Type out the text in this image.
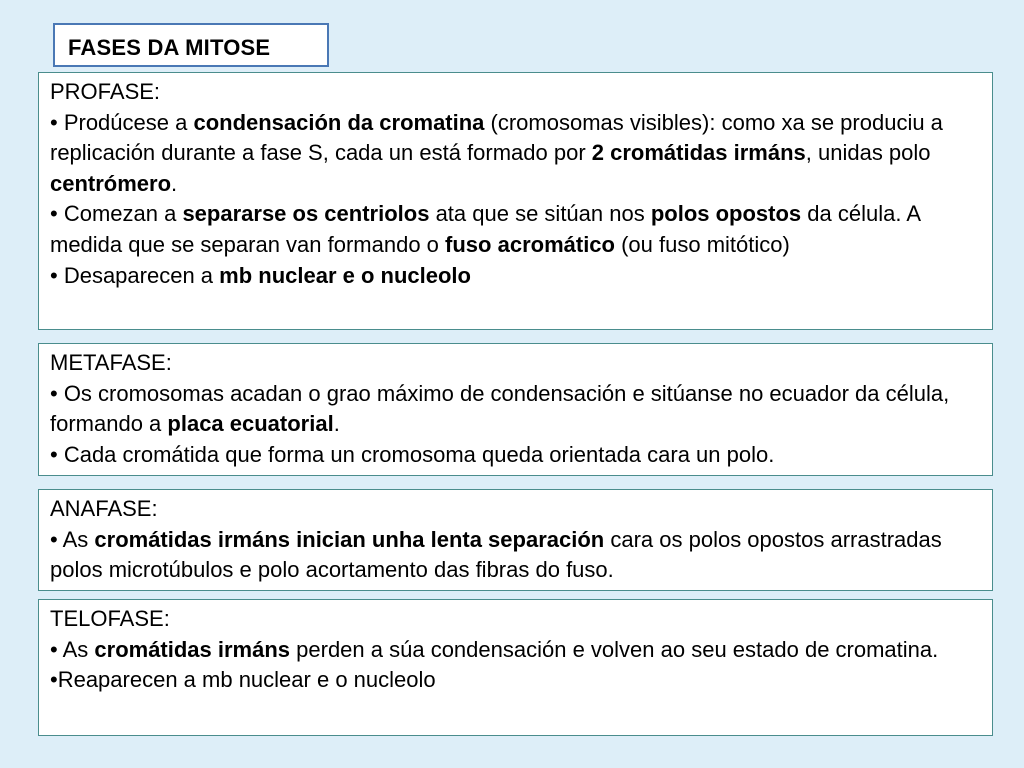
FASES DA MITOSE
PROFASE:
• Prodúcese a condensación da cromatina (cromosomas visibles): como xa se produciu a replicación durante a fase S, cada un está formado por 2 cromátidas irmáns, unidas polo centrómero.
• Comezan a separarse os centriolos ata que se sitúan nos polos opostos da célula. A medida que se separan van formando o fuso acromático (ou fuso mitótico)
• Desaparecen a mb nuclear e o nucleolo
METAFASE:
• Os cromosomas acadan o grao máximo de condensación e sitúanse no ecuador da célula, formando a placa ecuatorial.
• Cada cromátida que forma un cromosoma queda orientada cara un polo.
ANAFASE:
• As cromátidas irmáns inician unha lenta separación cara os polos opostos arrastradas polos microtúbulos e polo acortamento das fibras do fuso.
TELOFASE:
• As cromátidas irmáns perden a súa condensación e volven ao seu estado de cromatina.
•Reaparecen a mb nuclear e o nucleolo
